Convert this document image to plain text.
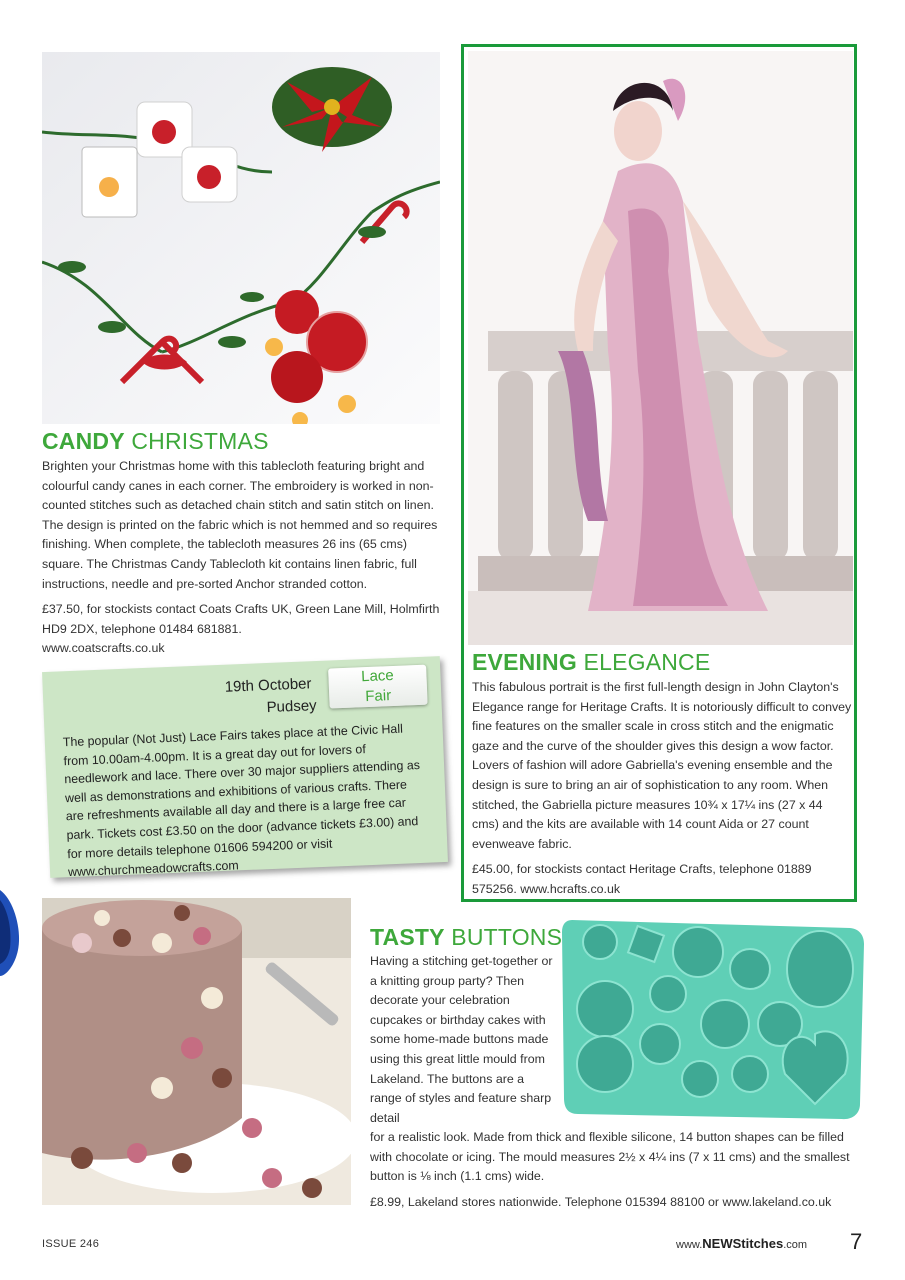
CANDY CHRISTMAS

Brighten your Christmas home with this tablecloth featuring bright and colourful candy canes in each corner. The embroidery is worked in non-counted stitches such as detached chain stitch and satin stitch on linen. The design is printed on the fabric which is not hemmed and so requires finishing. When complete, the tablecloth measures 26 ins (65 cms) square. The Christmas Candy Tablecloth kit contains linen fabric, full instructions, needle and pre-sorted Anchor stranded cotton.

£37.50, for stockists contact Coats Crafts UK, Green Lane Mill, Holmfirth HD9 2DX, telephone 01484 681881.

www.coatscrafts.co.uk

19th October
Pudsey
Lace
Fair
The popular (Not Just) Lace Fairs takes place at the Civic Hall from 10.00am-4.00pm. It is a great day out for lovers of needlework and lace. There over 30 major suppliers attending as well as demonstrations and exhibitions of various crafts. There are refreshments available all day and there is a large free car park. Tickets cost £3.50 on the door (advance tickets £3.00) and for more details telephone 01606 594200 or visit www.churchmeadowcrafts.com
EVENING ELEGANCE

This fabulous portrait is the first full-length design in John Clayton's Elegance range for Heritage Crafts. It is notoriously difficult to convey fine features on the smaller scale in cross stitch and the enigmatic gaze and the curve of the shoulder gives this design a wow factor. Lovers of fashion will adore Gabriella's evening ensemble and the design is sure to bring an air of sophistication to any room. When stitched, the Gabriella picture measures 10¾ x 17¼ ins (27 x 44 cms) and the kits are available with 14 count Aida or 27 count evenweave fabric.

£45.00, for stockists contact Heritage Crafts, telephone 01889 575256. www.hcrafts.co.uk

TASTY BUTTONS
Having a stitching get-together or a knitting group party? Then decorate your celebration cupcakes or birthday cakes with some home-made buttons made using this great little mould from Lakeland. The buttons are a range of styles and feature sharp detail
for a realistic look. Made from thick and flexible silicone, 14 button shapes can be filled with chocolate or icing. The mould measures 2½ x 4¼ ins (7 x 11 cms) and the smallest button is ⅛ inch (1.1 cms) wide.
£8.99, Lakeland stores nationwide. Telephone 015394 88100 or www.lakeland.co.uk
ISSUE 246	www.NEWStitches.com 7
